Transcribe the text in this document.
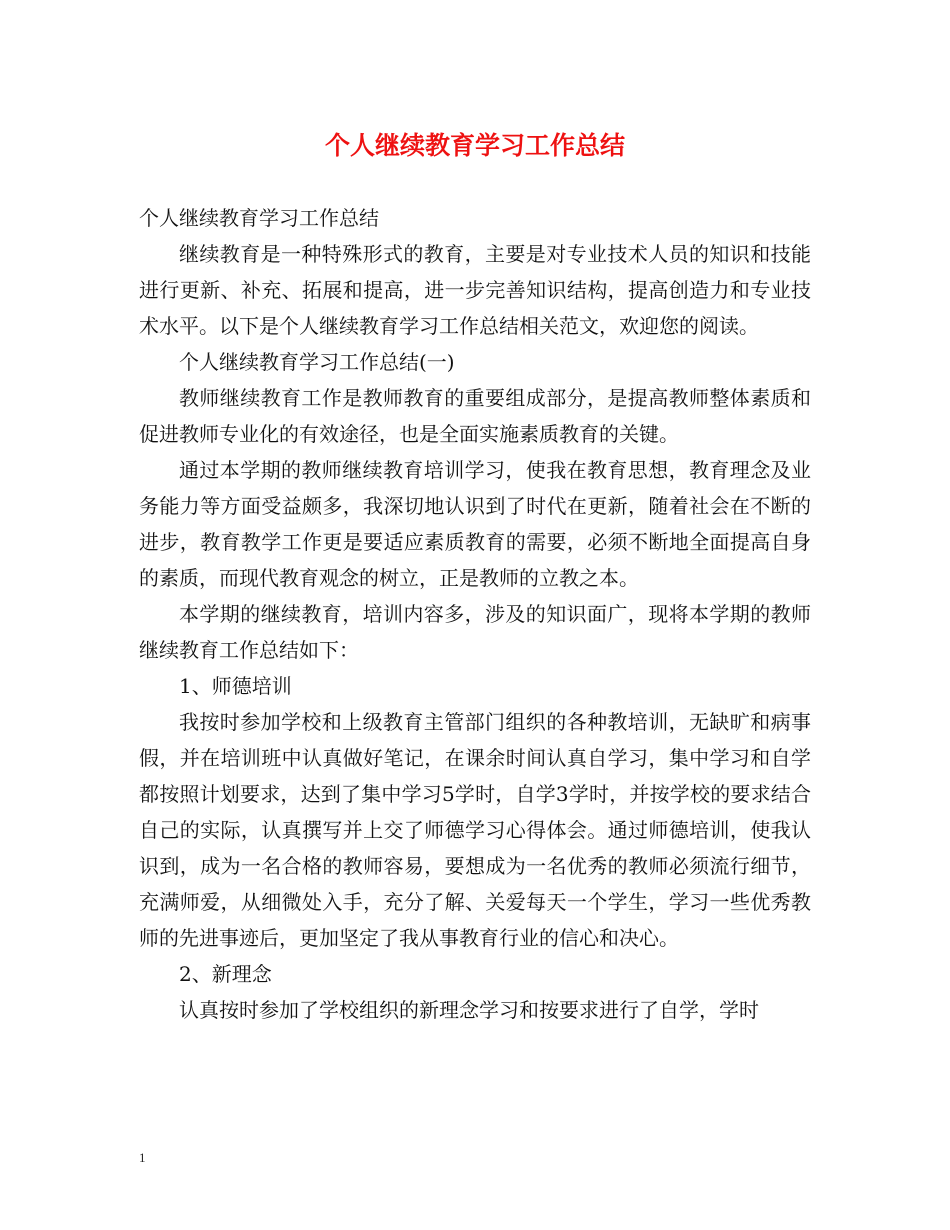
个人继续教育学习工作总结

个人继续教育学习工作总结

继续教育是一种特殊形式的教育，主要是对专业技术人员的知识和技能进行更新、补充、拓展和提高，进一步完善知识结构，提高创造力和专业技术水平。以下是个人继续教育学习工作总结相关范文，欢迎您的阅读。

个人继续教育学习工作总结(一)

教师继续教育工作是教师教育的重要组成部分，是提高教师整体素质和促进教师专业化的有效途径，也是全面实施素质教育的关键。

通过本学期的教师继续教育培训学习，使我在教育思想，教育理念及业务能力等方面受益颇多，我深切地认识到了时代在更新，随着社会在不断的进步，教育教学工作更是要适应素质教育的需要，必须不断地全面提高自身的素质，而现代教育观念的树立，正是教师的立教之本。

本学期的继续教育，培训内容多，涉及的知识面广，现将本学期的教师继续教育工作总结如下：

1、师德培训

我按时参加学校和上级教育主管部门组织的各种教培训，无缺旷和病事假，并在培训班中认真做好笔记，在课余时间认真自学习，集中学习和自学都按照计划要求，达到了集中学习5学时，自学3学时，并按学校的要求结合自己的实际，认真撰写并上交了师德学习心得体会。通过师德培训，使我认识到，成为一名合格的教师容易，要想成为一名优秀的教师必须流行细节，充满师爱，从细微处入手，充分了解、关爱每天一个学生，学习一些优秀教师的先进事迹后，更加坚定了我从事教育行业的信心和决心。

2、新理念

认真按时参加了学校组织的新理念学习和按要求进行了自学，学时

1
